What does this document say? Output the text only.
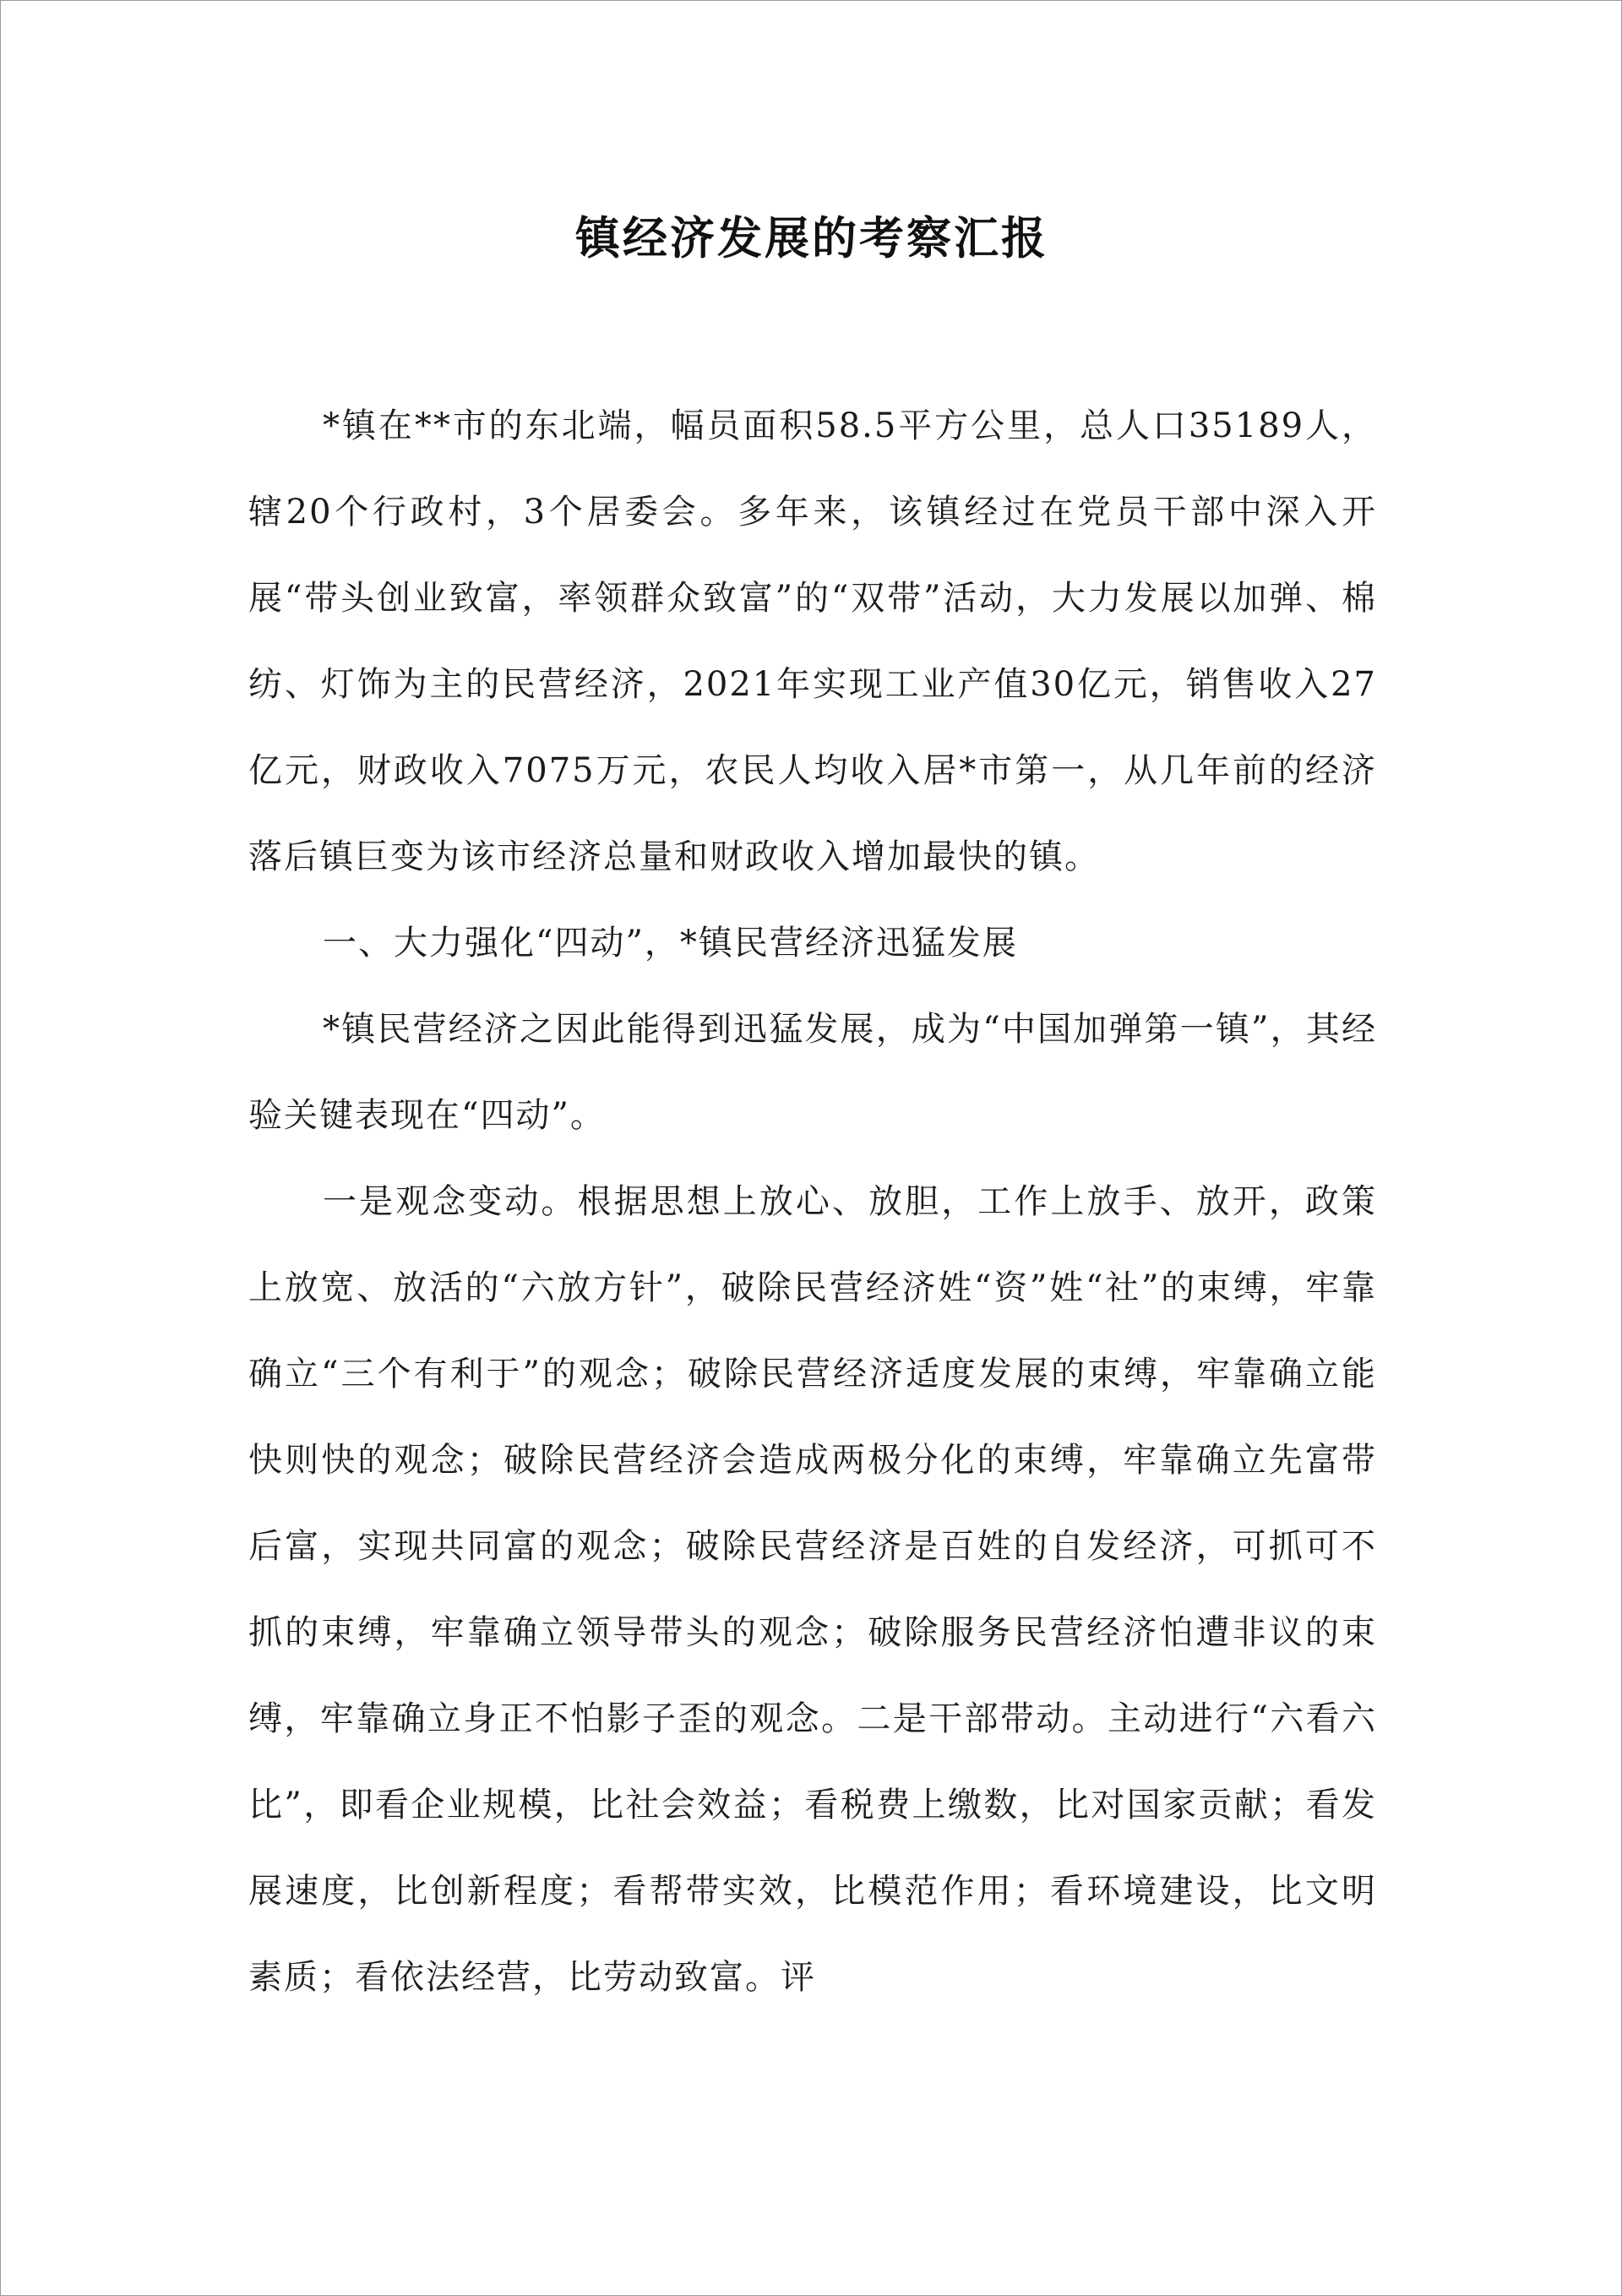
镇经济发展的考察汇报

*镇在**市的东北端，幅员面积58.5平方公里，总人口35189人，辖20个行政村，3个居委会。多年来，该镇经过在党员干部中深入开展“带头创业致富，率领群众致富”的“双带”活动，大力发展以加弹、棉纺、灯饰为主的民营经济，2021年实现工业产值30亿元，销售收入27亿元，财政收入7075万元，农民人均收入居*市第一，从几年前的经济落后镇巨变为该市经济总量和财政收入增加最快的镇。

一、大力强化“四动”，*镇民营经济迅猛发展

*镇民营经济之因此能得到迅猛发展，成为“中国加弹第一镇”，其经验关键表现在“四动”。

一是观念变动。根据思想上放心、放胆，工作上放手、放开，政策上放宽、放活的“六放方针”，破除民营经济姓“资”姓“社”的束缚，牢靠确立“三个有利于”的观念；破除民营经济适度发展的束缚，牢靠确立能快则快的观念；破除民营经济会造成两极分化的束缚，牢靠确立先富带后富，实现共同富的观念；破除民营经济是百姓的自发经济，可抓可不抓的束缚，牢靠确立领导带头的观念；破除服务民营经济怕遭非议的束缚，牢靠确立身正不怕影子歪的观念。二是干部带动。主动进行“六看六比”，即看企业规模，比社会效益；看税费上缴数，比对国家贡献；看发展速度，比创新程度；看帮带实效，比模范作用；看环境建设，比文明素质；看依法经营，比劳动致富。评
